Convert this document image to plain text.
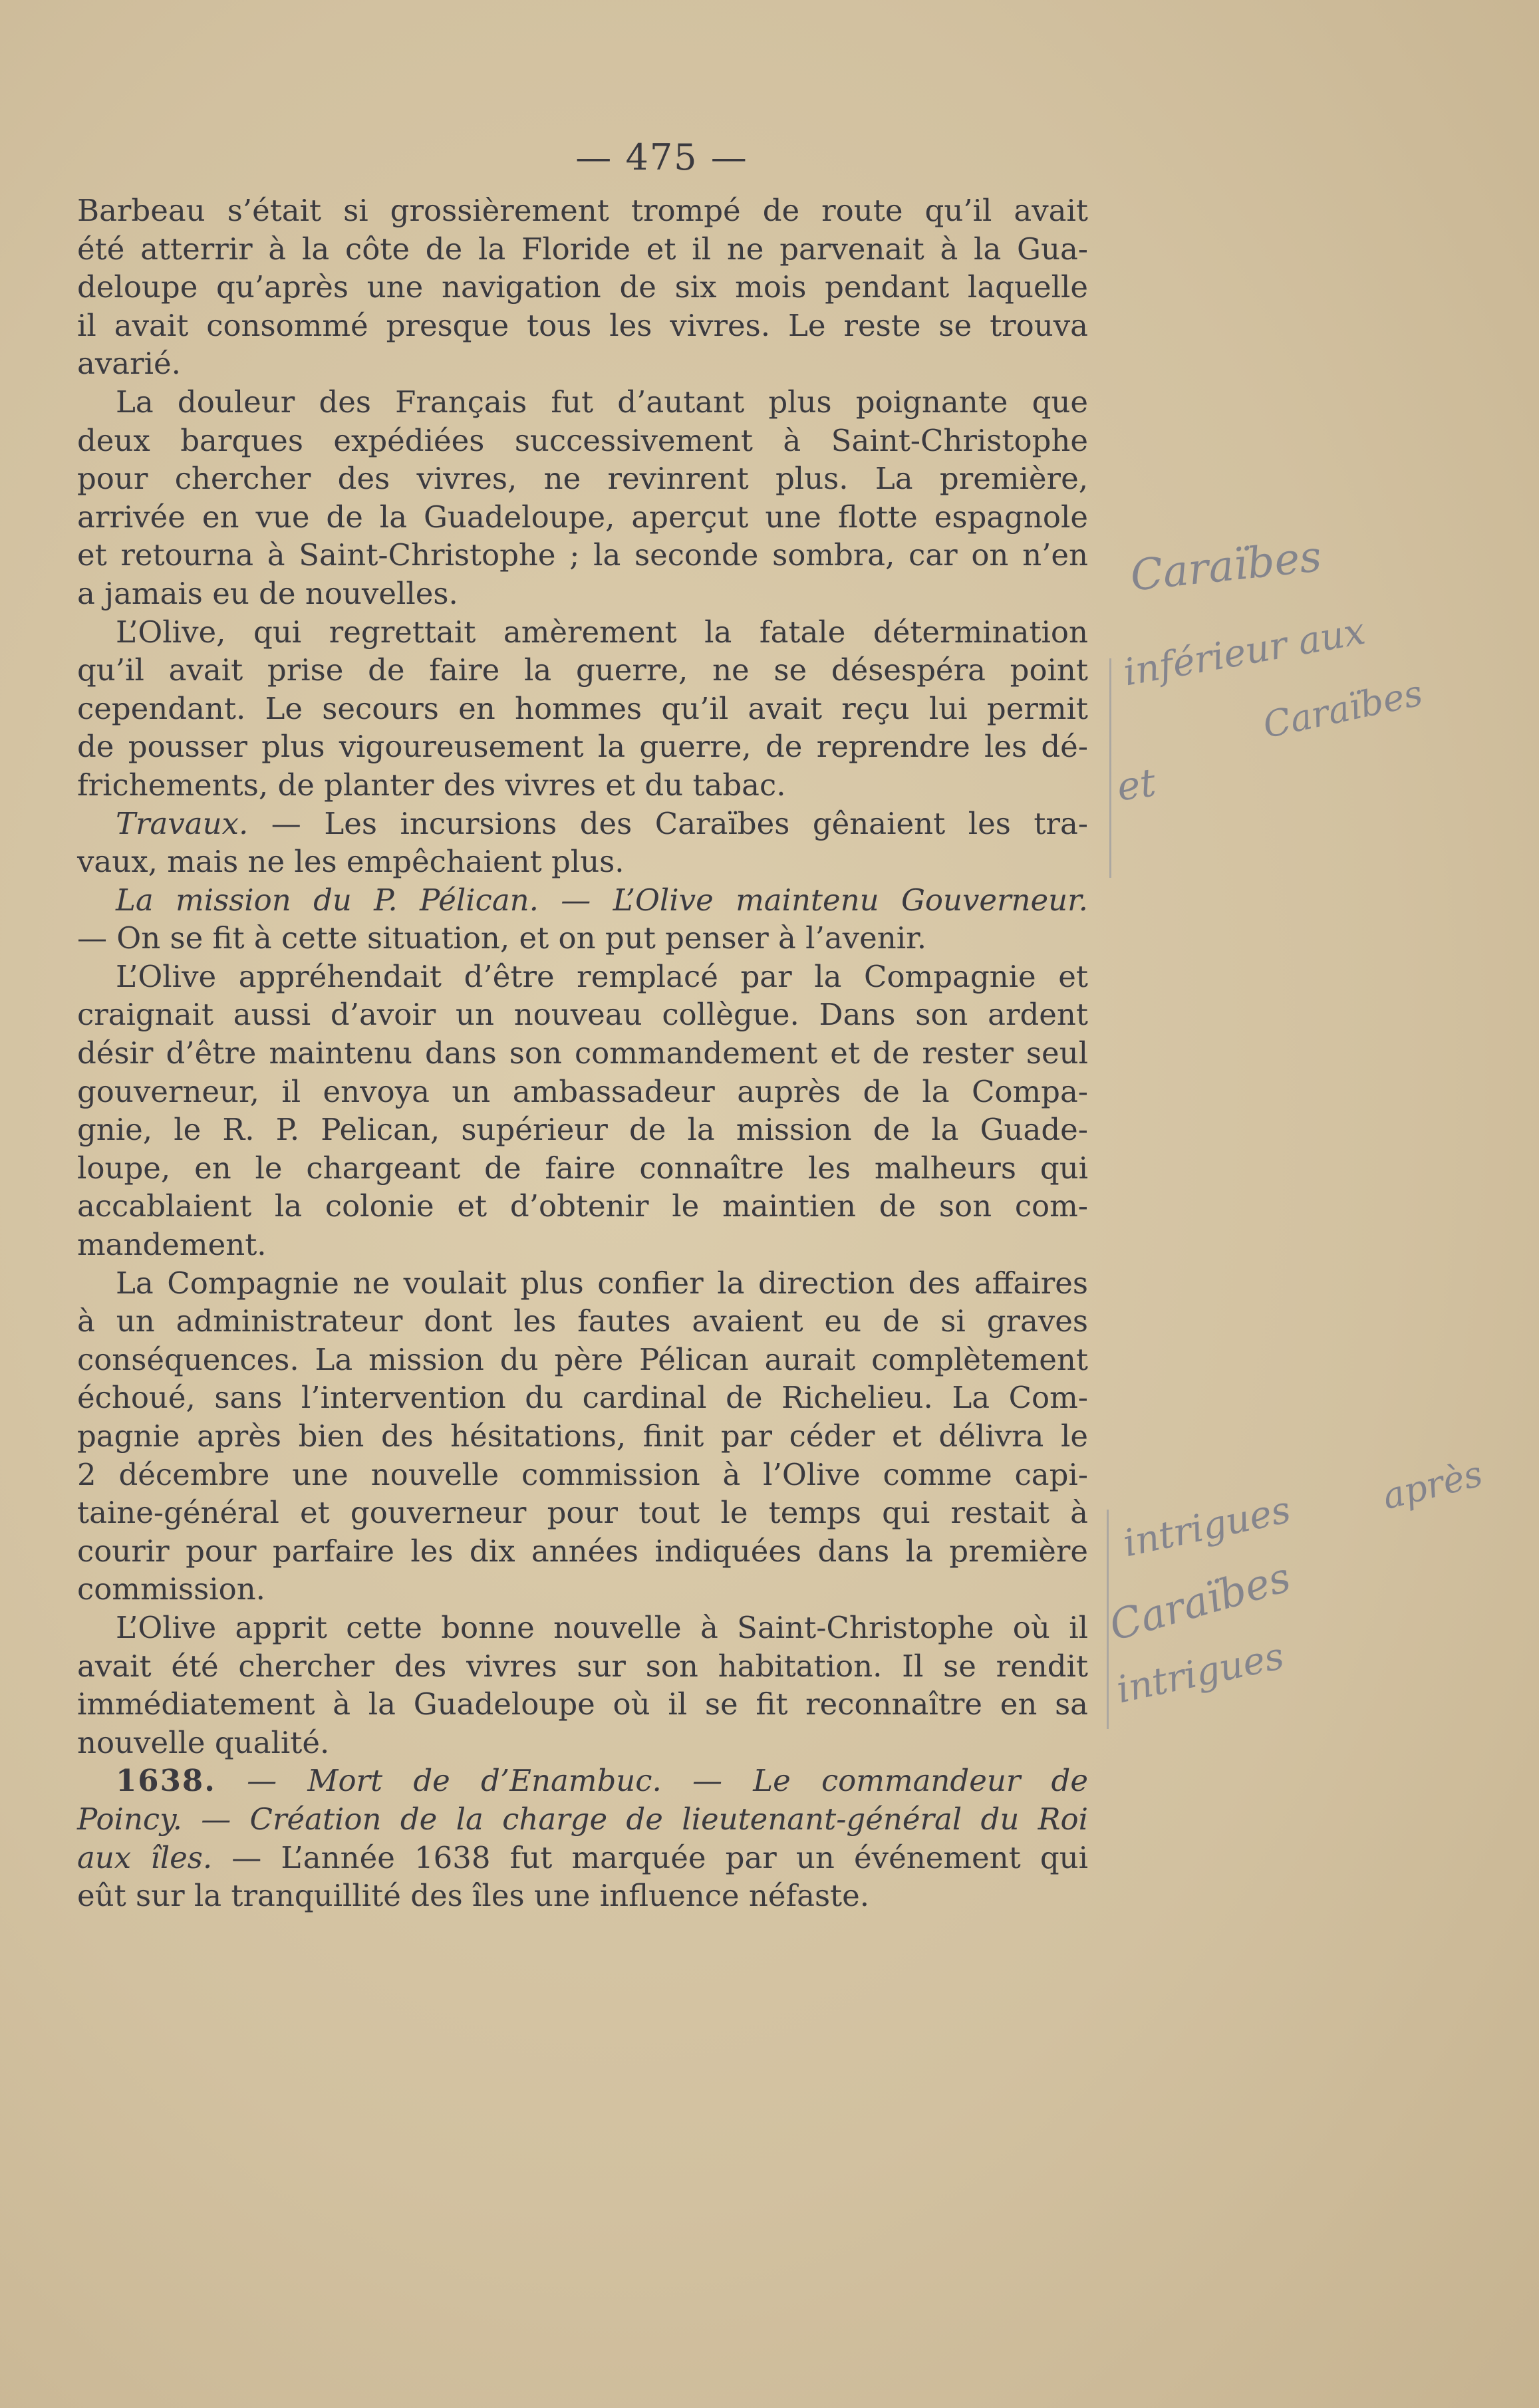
— 475 —
Barbeau s’était si grossièrement trompé de route qu’il avait
été atterrir à la côte de la Floride et il ne parvenait à la Gua-
deloupe qu’après une navigation de six mois pendant laquelle
il avait consommé presque tous les vivres. Le reste se trouva
avarié.
La douleur des Français fut d’autant plus poignante que
deux barques expédiées successivement à Saint-Christophe
pour chercher des vivres, ne revinrent plus. La première,
arrivée en vue de la Guadeloupe, aperçut une flotte espagnole
et retourna à Saint-Christophe ; la seconde sombra, car on n’en
a jamais eu de nouvelles.
L’Olive, qui regrettait amèrement la fatale détermination
qu’il avait prise de faire la guerre, ne se désespéra point
cependant. Le secours en hommes qu’il avait reçu lui permit
de pousser plus vigoureusement la guerre, de reprendre les dé-
frichements, de planter des vivres et du tabac.
Travaux. — Les incursions des Caraïbes gênaient les tra-
vaux, mais ne les empêchaient plus.
La mission du P. Pélican. — L’Olive maintenu Gouverneur.
— On se fit à cette situation, et on put penser à l’avenir.
L’Olive appréhendait d’être remplacé par la Compagnie et
craignait aussi d’avoir un nouveau collègue. Dans son ardent
désir d’être maintenu dans son commandement et de rester seul
gouverneur, il envoya un ambassadeur auprès de la Compa-
gnie, le R. P. Pelican, supérieur de la mission de la Guade-
loupe, en le chargeant de faire connaître les malheurs qui
accablaient la colonie et d’obtenir le maintien de son com-
mandement.
La Compagnie ne voulait plus confier la direction des affaires
à un administrateur dont les fautes avaient eu de si graves
conséquences. La mission du père Pélican aurait complètement
échoué, sans l’intervention du cardinal de Richelieu. La Com-
pagnie après bien des hésitations, finit par céder et délivra le
2 décembre une nouvelle commission à l’Olive comme capi-
taine-général et gouverneur pour tout le temps qui restait à
courir pour parfaire les dix années indiquées dans la première
commission.
L’Olive apprit cette bonne nouvelle à Saint-Christophe où il
avait été chercher des vivres sur son habitation. Il se rendit
immédiatement à la Guadeloupe où il se fit reconnaître en sa
nouvelle qualité.
1638. — Mort de d’Enambuc. — Le commandeur de
Poincy. — Création de la charge de lieutenant-général du Roi
aux îles. — L’année 1638 fut marquée par un événement qui
eût sur la tranquillité des îles une influence néfaste.
Caraïbes
inférieur aux
Caraïbes
et
après
intrigues
Caraïbes
intrigues
